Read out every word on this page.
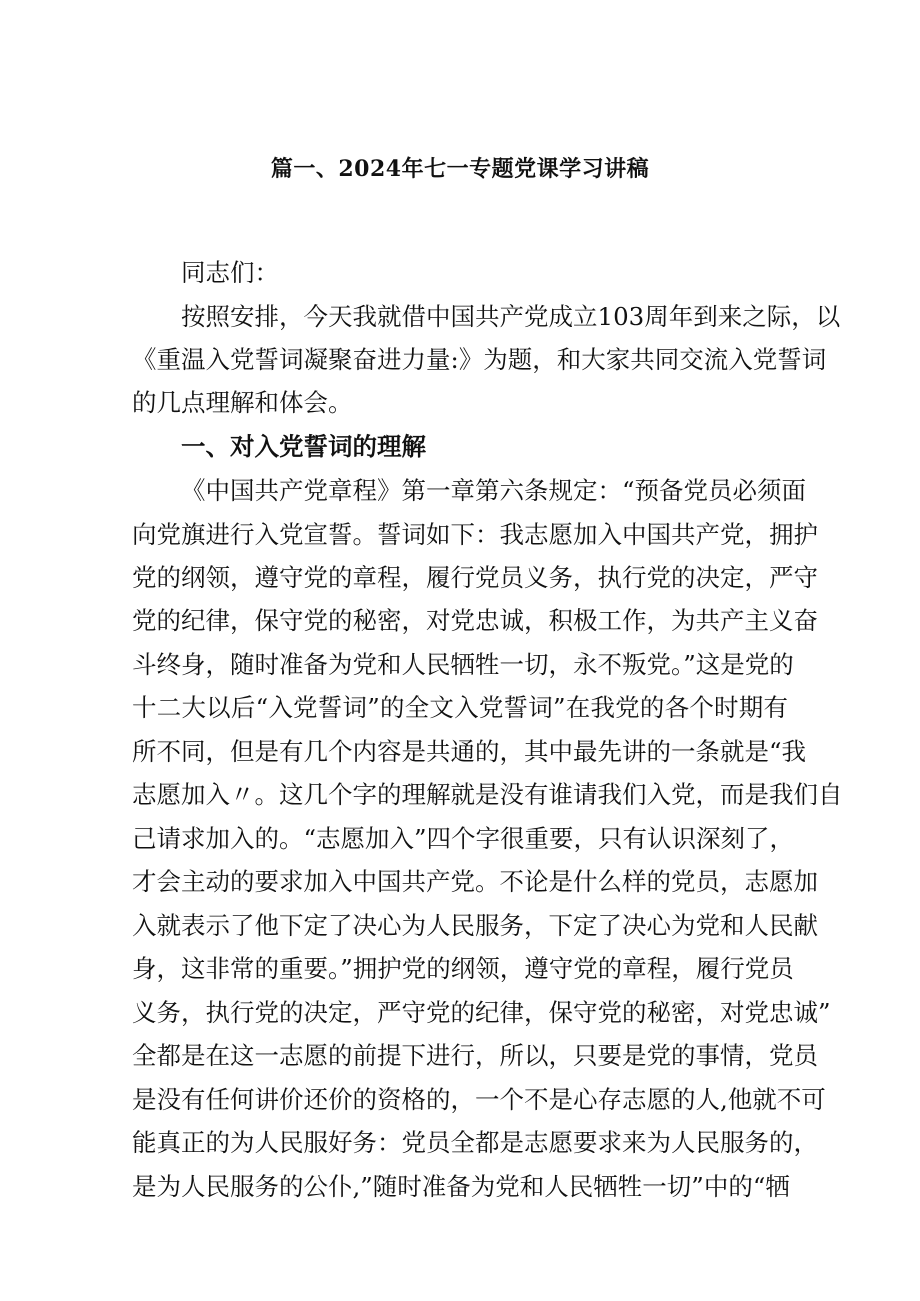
篇一、2024年七一专题党课学习讲稿
同志们：
按照安排，今天我就借中国共产党成立103周年到来之际，以
《重温入党誓词凝聚奋进力量:》为题，和大家共同交流入党誓词
的几点理解和体会。
一、对入党誓词的理解
《中国共产党章程》第一章第六条规定：“预备党员必须面
向党旗进行入党宣誓。誓词如下：我志愿加入中国共产党，拥护
党的纲领，遵守党的章程，履行党员义务，执行党的决定，严守
党的纪律，保守党的秘密，对党忠诚，积极工作，为共产主义奋
斗终身，随时准备为党和人民牺牲一切，永不叛党。”这是党的
十二大以后“入党誓词”的全文入党誓词”在我党的各个时期有
所不同，但是有几个内容是共通的，其中最先讲的一条就是“我
志愿加入〃。这几个字的理解就是没有谁请我们入党，而是我们自
己请求加入的。“志愿加入”四个字很重要，只有认识深刻了，
才会主动的要求加入中国共产党。不论是什么样的党员，志愿加
入就表示了他下定了决心为人民服务，下定了决心为党和人民献
身，这非常的重要。”拥护党的纲领，遵守党的章程，履行党员
义务，执行党的决定，严守党的纪律，保守党的秘密，对党忠诚”
全都是在这一志愿的前提下进行，所以，只要是党的事情，党员
是没有任何讲价还价的资格的，一个不是心存志愿的人,他就不可
能真正的为人民服好务：党员全都是志愿要求来为人民服务的，
是为人民服务的公仆,”随时准备为党和人民牺牲一切”中的“牺
